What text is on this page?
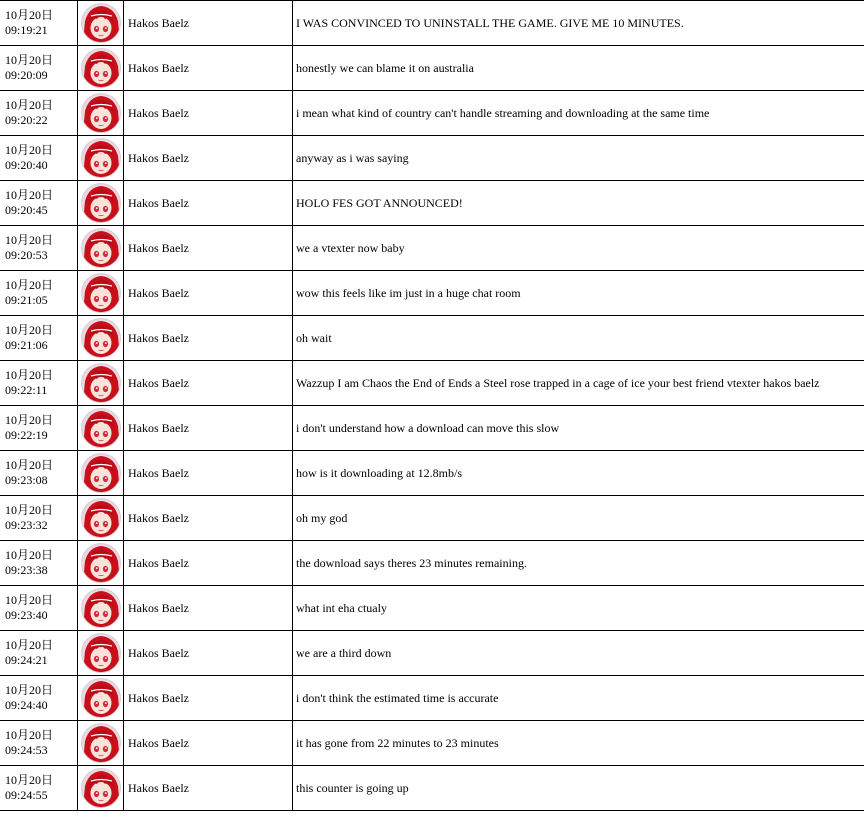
10月20日
09:19:21		Hakos Baelz	I WAS CONVINCED TO UNINSTALL THE GAME. GIVE ME 10 MINUTES.

10月20日
09:20:09		Hakos Baelz	honestly we can blame it on australia

10月20日
09:20:22		Hakos Baelz	i mean what kind of country can't handle streaming and downloading at the same time

10月20日
09:20:40		Hakos Baelz	anyway as i was saying

10月20日
09:20:45		Hakos Baelz	HOLO FES GOT ANNOUNCED!

10月20日
09:20:53		Hakos Baelz	we a vtexter now baby

10月20日
09:21:05		Hakos Baelz	wow this feels like im just in a huge chat room

10月20日
09:21:06		Hakos Baelz	oh wait

10月20日
09:22:11		Hakos Baelz	Wazzup I am Chaos the End of Ends a Steel rose trapped in a cage of ice your best friend vtexter hakos baelz

10月20日
09:22:19		Hakos Baelz	i don't understand how a download can move this slow

10月20日
09:23:08		Hakos Baelz	how is it downloading at 12.8mb/s

10月20日
09:23:32		Hakos Baelz	oh my god

10月20日
09:23:38		Hakos Baelz	the download says theres 23 minutes remaining.

10月20日
09:23:40		Hakos Baelz	what int eha ctualy

10月20日
09:24:21		Hakos Baelz	we are a third down

10月20日
09:24:40		Hakos Baelz	i don't think the estimated time is accurate

10月20日
09:24:53		Hakos Baelz	it has gone from 22 minutes to 23 minutes

10月20日
09:24:55		Hakos Baelz	this counter is going up
